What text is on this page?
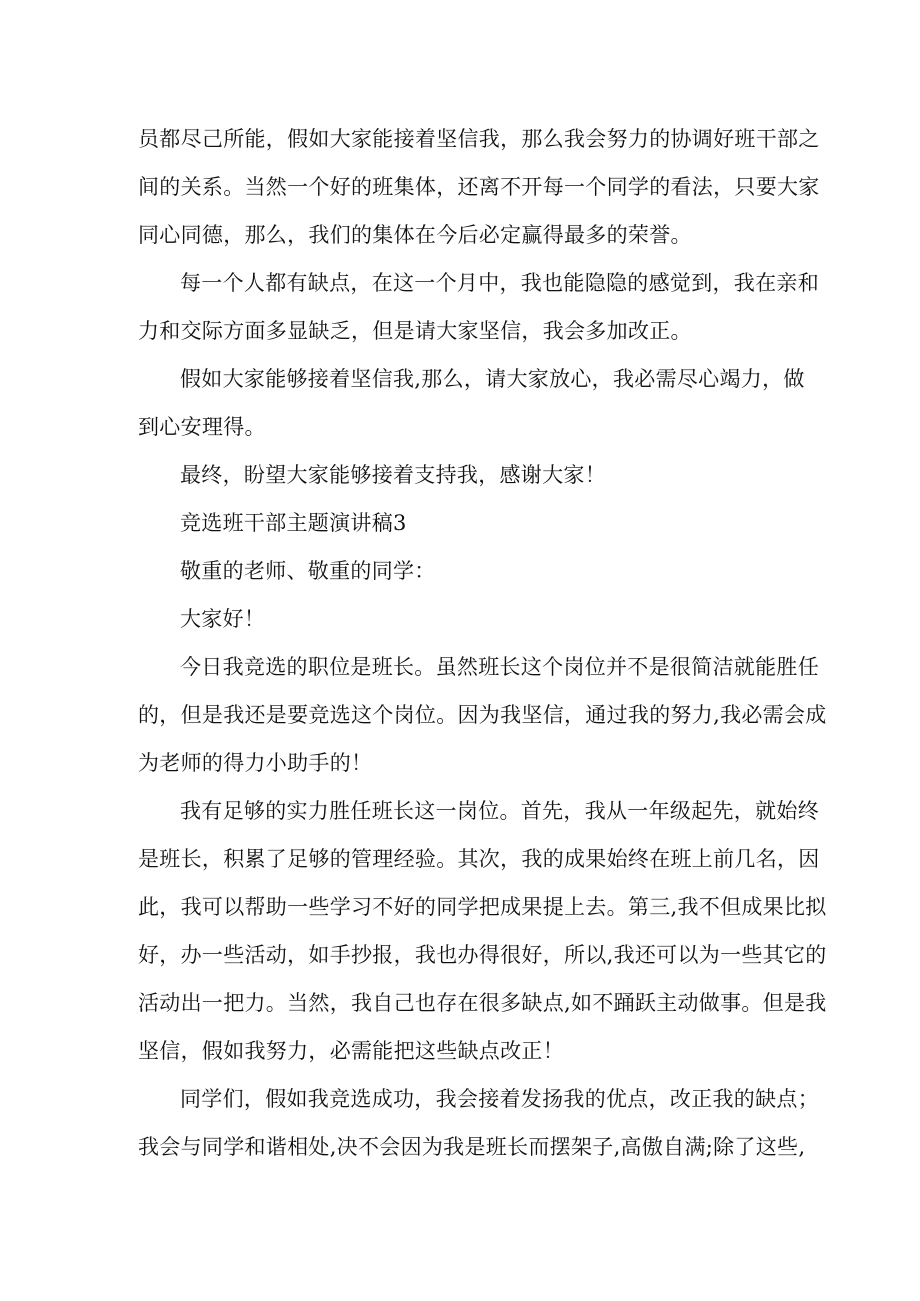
员都尽己所能，假如大家能接着坚信我，那么我会努力的协调好班干部之
间的关系。当然一个好的班集体，还离不开每一个同学的看法，只要大家
同心同德，那么，我们的集体在今后必定赢得最多的荣誉。
每一个人都有缺点，在这一个月中，我也能隐隐的感觉到，我在亲和
力和交际方面多显缺乏，但是请大家坚信，我会多加改正。
假如大家能够接着坚信我,那么，请大家放心，我必需尽心竭力，做
到心安理得。
最终，盼望大家能够接着支持我，感谢大家！
竞选班干部主题演讲稿3
敬重的老师、敬重的同学：
大家好！
今日我竞选的职位是班长。虽然班长这个岗位并不是很简洁就能胜任
的，但是我还是要竞选这个岗位。因为我坚信，通过我的努力,我必需会成
为老师的得力小助手的！
我有足够的实力胜任班长这一岗位。首先，我从一年级起先，就始终
是班长，积累了足够的管理经验。其次，我的成果始终在班上前几名，因
此，我可以帮助一些学习不好的同学把成果提上去。第三,我不但成果比拟
好，办一些活动，如手抄报，我也办得很好，所以,我还可以为一些其它的
活动出一把力。当然，我自己也存在很多缺点,如不踊跃主动做事。但是我
坚信，假如我努力，必需能把这些缺点改正！
同学们，假如我竞选成功，我会接着发扬我的优点，改正我的缺点；
我会与同学和谐相处,决不会因为我是班长而摆架子,高傲自满;除了这些,
